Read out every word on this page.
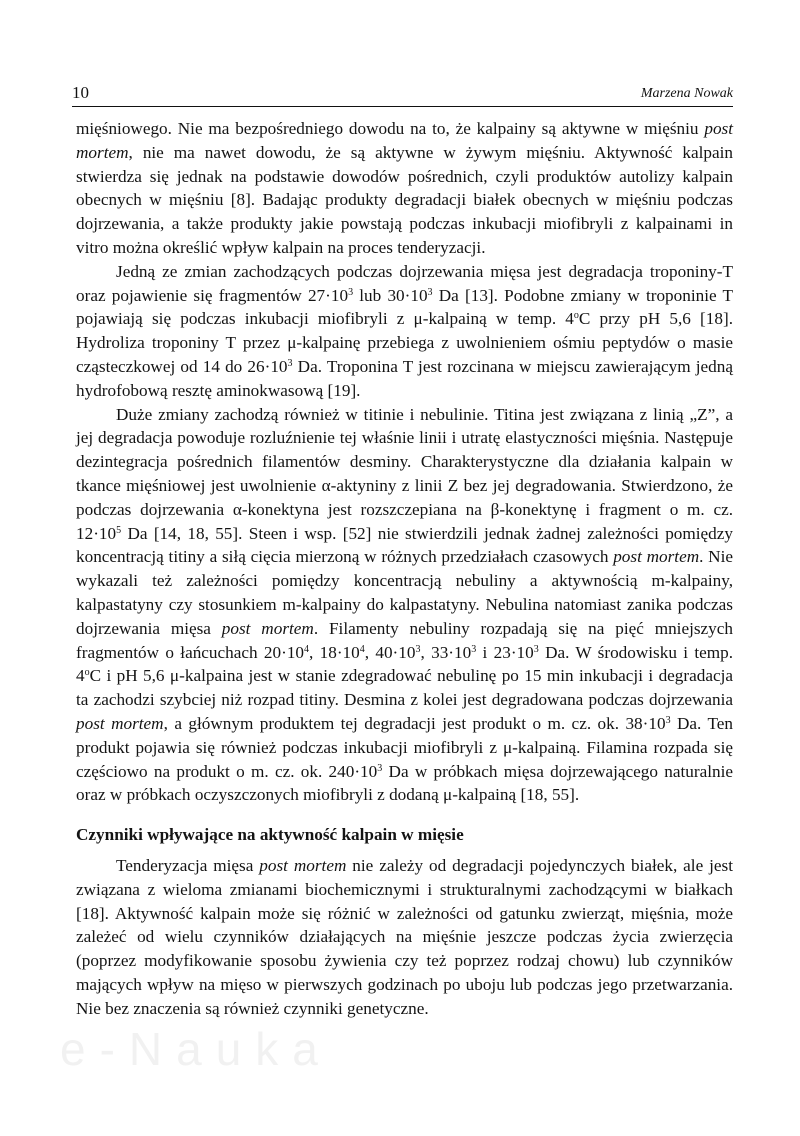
10	Marzena Nowak

mięśniowego. Nie ma bezpośredniego dowodu na to, że kalpainy są aktywne w mięśniu post mortem, nie ma nawet dowodu, że są aktywne w żywym mięśniu. Aktywność kalpain stwierdza się jednak na podstawie dowodów pośrednich, czyli produktów autolizy kalpain obecnych w mięśniu [8]. Badając produkty degradacji białek obecnych w mięśniu podczas dojrzewania, a także produkty jakie powstają podczas inkubacji miofibryli z kalpainami in vitro można określić wpływ kalpain na proces tenderyzacji.

Jedną ze zmian zachodzących podczas dojrzewania mięsa jest degradacja troponiny-T oraz pojawienie się fragmentów $27\cdot 10^3$ lub $30\cdot 10^3$ Da [13]. Podobne zmiany w troponinie T pojawiają się podczas inkubacji miofibryli z μ-kalpainą w temp. 4$^o$C przy pH 5,6 [18]. Hydroliza troponiny T przez μ-kalpainę przebiega z uwolnieniem ośmiu peptydów o masie cząsteczkowej od 14 do $26\cdot 10^3$ Da. Troponina T jest rozcinana w miejscu zawierającym jedną hydrofobową resztę aminokwasową [19].

Duże zmiany zachodzą również w titinie i nebulinie. Titina jest związana z linią „Z”, a jej degradacja powoduje rozluźnienie tej właśnie linii i utratę elastyczności mięśnia. Następuje dezintegracja pośrednich filamentów desminy. Charakterystyczne dla działania kalpain w tkance mięśniowej jest uwolnienie α-aktyniny z linii Z bez jej degradowania. Stwierdzono, że podczas dojrzewania α-konektyna jest rozszczepiana na β-konektynę i fragment o m. cz. $12\cdot 10^5$ Da [14, 18, 55]. Steen i wsp. [52] nie stwierdzili jednak żadnej zależności pomiędzy koncentracją titiny a siłą cięcia mierzoną w różnych przedziałach czasowych post mortem. Nie wykazali też zależności pomiędzy koncentracją nebuliny a aktywnością m-kalpainy, kalpastatyny czy stosunkiem m-kalpainy do kalpastatyny. Nebulina natomiast zanika podczas dojrzewania mięsa post mortem. Filamenty nebuliny rozpadają się na pięć mniejszych fragmentów o łańcuchach $20\cdot 10^4$, $18\cdot 10^4$, $40\cdot 10^3$, $33\cdot 10^3$ i $23\cdot 10^3$ Da. W środowisku i temp. 4$^o$C i pH 5,6 μ-kalpaina jest w stanie zdegradować nebulinę po 15 min inkubacji i degradacja ta zachodzi szybciej niż rozpad titiny. Desmina z kolei jest degradowana podczas dojrzewania post mortem, a głównym produktem tej degradacji jest produkt o m. cz. ok. $38\cdot 10^3$ Da. Ten produkt pojawia się również podczas inkubacji miofibryli z μ-kalpainą. Filamina rozpada się częściowo na produkt o m. cz. ok. $240\cdot 10^3$ Da w próbkach mięsa dojrzewającego naturalnie oraz w próbkach oczyszczonych miofibryli z dodaną μ-kalpainą [18, 55].

Czynniki wpływające na aktywność kalpain w mięsie

Tenderyzacja mięsa post mortem nie zależy od degradacji pojedynczych białek, ale jest związana z wieloma zmianami biochemicznymi i strukturalnymi zachodzącymi w białkach [18]. Aktywność kalpain może się różnić w zależności od gatunku zwierząt, mięśnia, może zależeć od wielu czynników działających na mięśnie jeszcze podczas życia zwierzęcia (poprzez modyfikowanie sposobu żywienia czy też poprzez rodzaj chowu) lub czynników mających wpływ na mięso w pierwszych godzinach po uboju lub podczas jego przetwarzania. Nie bez znaczenia są również czynniki genetyczne.

e-Nauka
